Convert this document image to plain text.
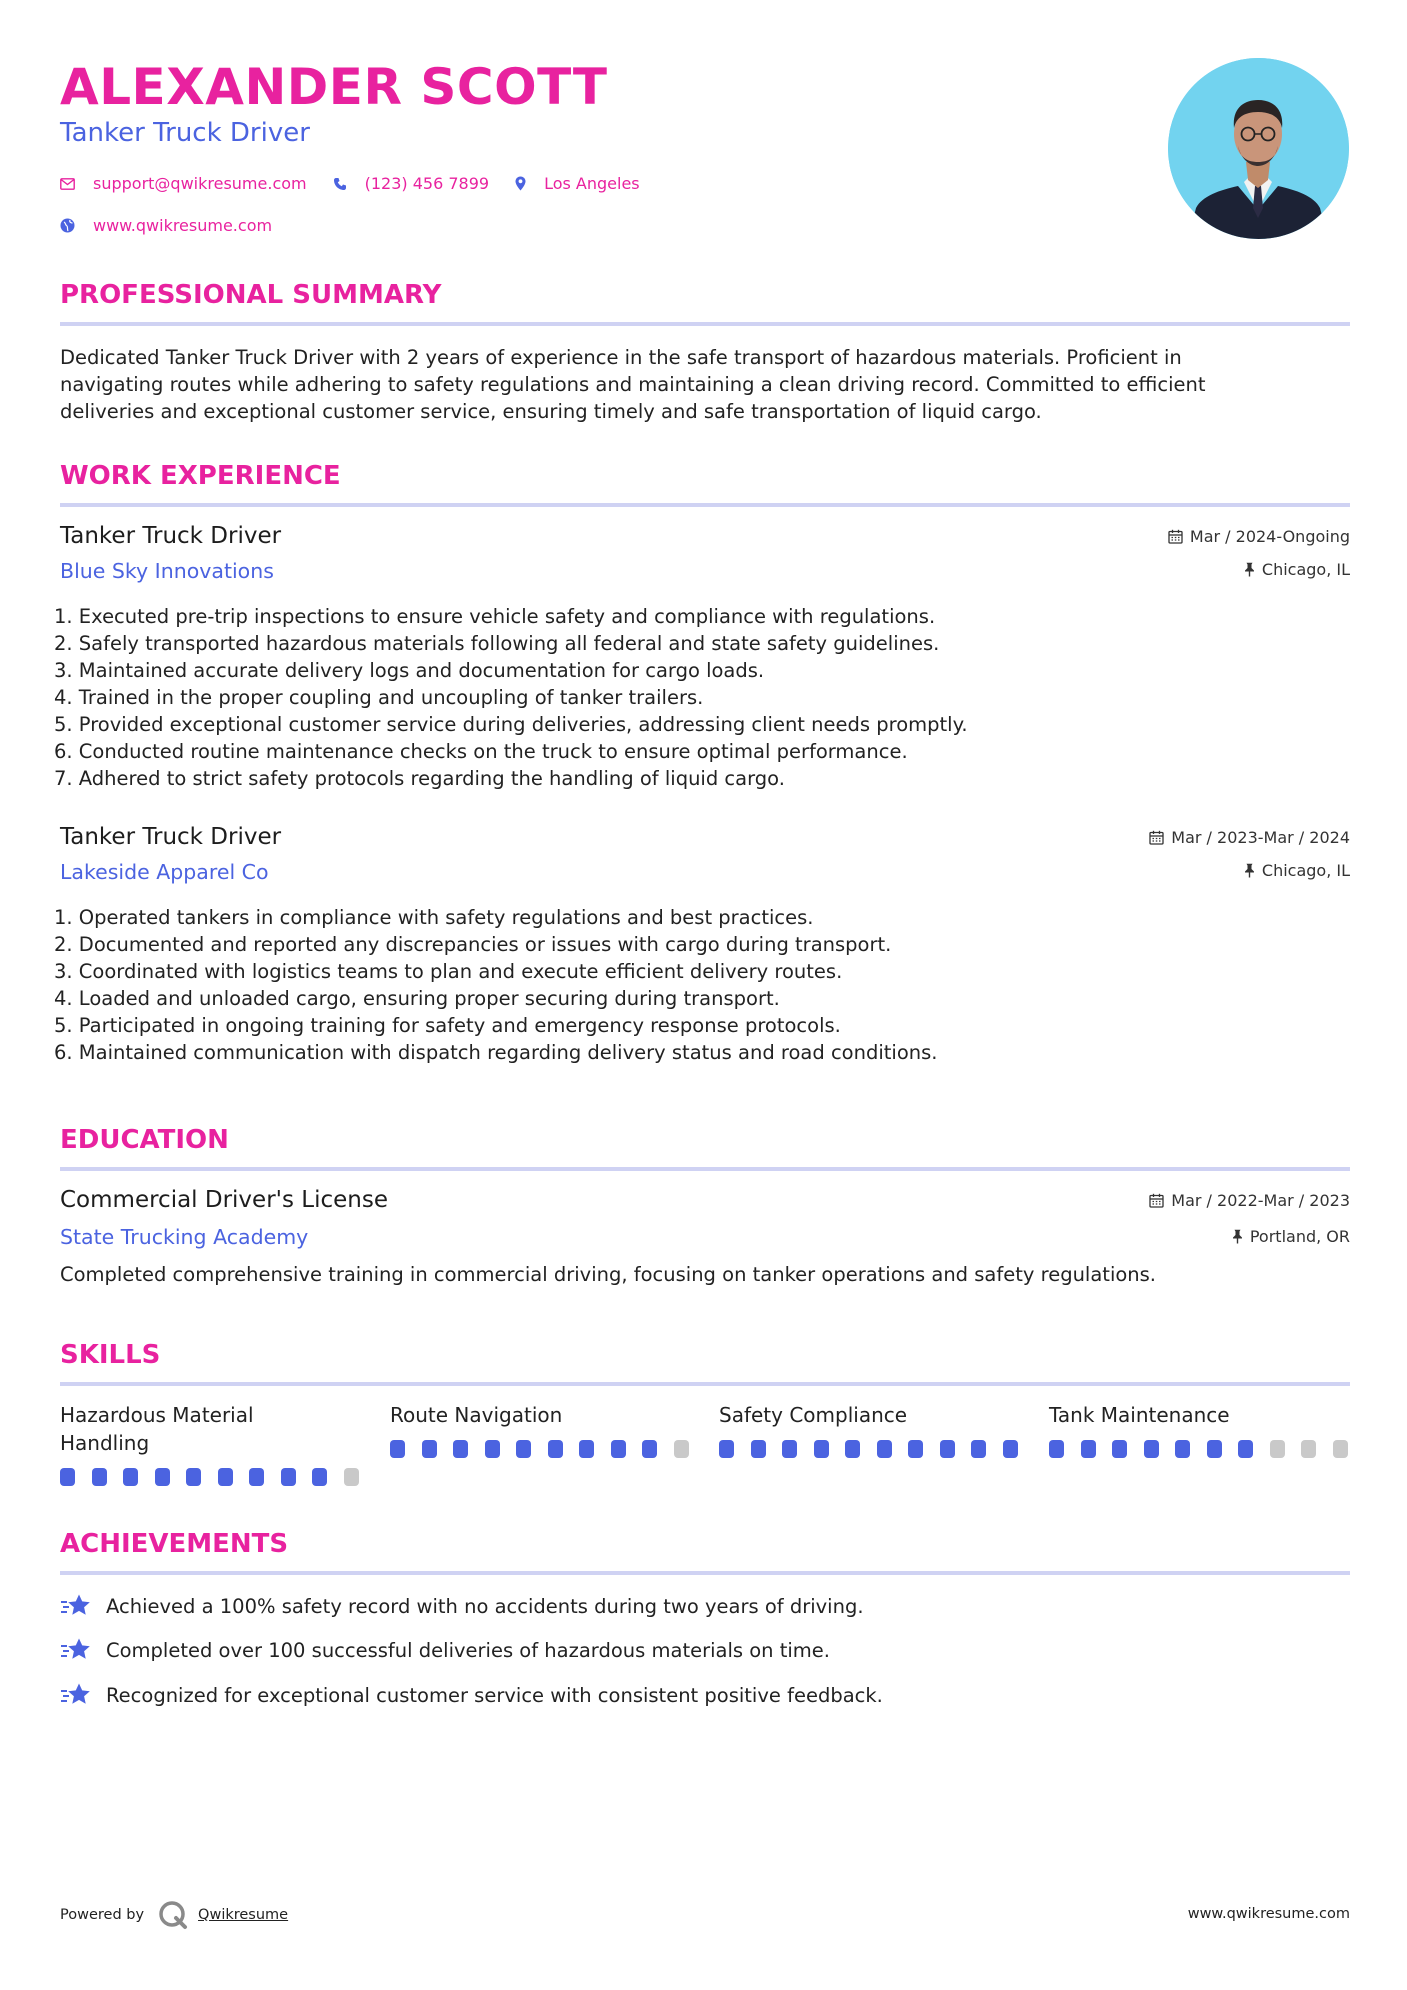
ALEXANDER SCOTT
Tanker Truck Driver
support@qwikresume.com	(123) 456 7899	Los Angeles
www.qwikresume.com
PROFESSIONAL SUMMARY
Dedicated Tanker Truck Driver with 2 years of experience in the safe transport of hazardous materials. Proficient in
navigating routes while adhering to safety regulations and maintaining a clean driving record. Committed to efficient
deliveries and exceptional customer service, ensuring timely and safe transportation of liquid cargo.
WORK EXPERIENCE
Tanker Truck Driver
Blue Sky Innovations
Mar / 2024-Ongoing
Chicago, IL
1. Executed pre-trip inspections to ensure vehicle safety and compliance with regulations.
2. Safely transported hazardous materials following all federal and state safety guidelines.
3. Maintained accurate delivery logs and documentation for cargo loads.
4. Trained in the proper coupling and uncoupling of tanker trailers.
5. Provided exceptional customer service during deliveries, addressing client needs promptly.
6. Conducted routine maintenance checks on the truck to ensure optimal performance.
7. Adhered to strict safety protocols regarding the handling of liquid cargo.
Tanker Truck Driver
Lakeside Apparel Co
Mar / 2023-Mar / 2024
Chicago, IL
1. Operated tankers in compliance with safety regulations and best practices.
2. Documented and reported any discrepancies or issues with cargo during transport.
3. Coordinated with logistics teams to plan and execute efficient delivery routes.
4. Loaded and unloaded cargo, ensuring proper securing during transport.
5. Participated in ongoing training for safety and emergency response protocols.
6. Maintained communication with dispatch regarding delivery status and road conditions.
EDUCATION
Commercial Driver's License
State Trucking Academy
Mar / 2022-Mar / 2023
Portland, OR
Completed comprehensive training in commercial driving, focusing on tanker operations and safety regulations.
SKILLS
Hazardous Material
Handling
Route Navigation	Safety Compliance	Tank Maintenance
ACHIEVEMENTS
Achieved a 100% safety record with no accidents during two years of driving.
Completed over 100 successful deliveries of hazardous materials on time.
Recognized for exceptional customer service with consistent positive feedback.
Powered by	Qwikresume	www.qwikresume.com
